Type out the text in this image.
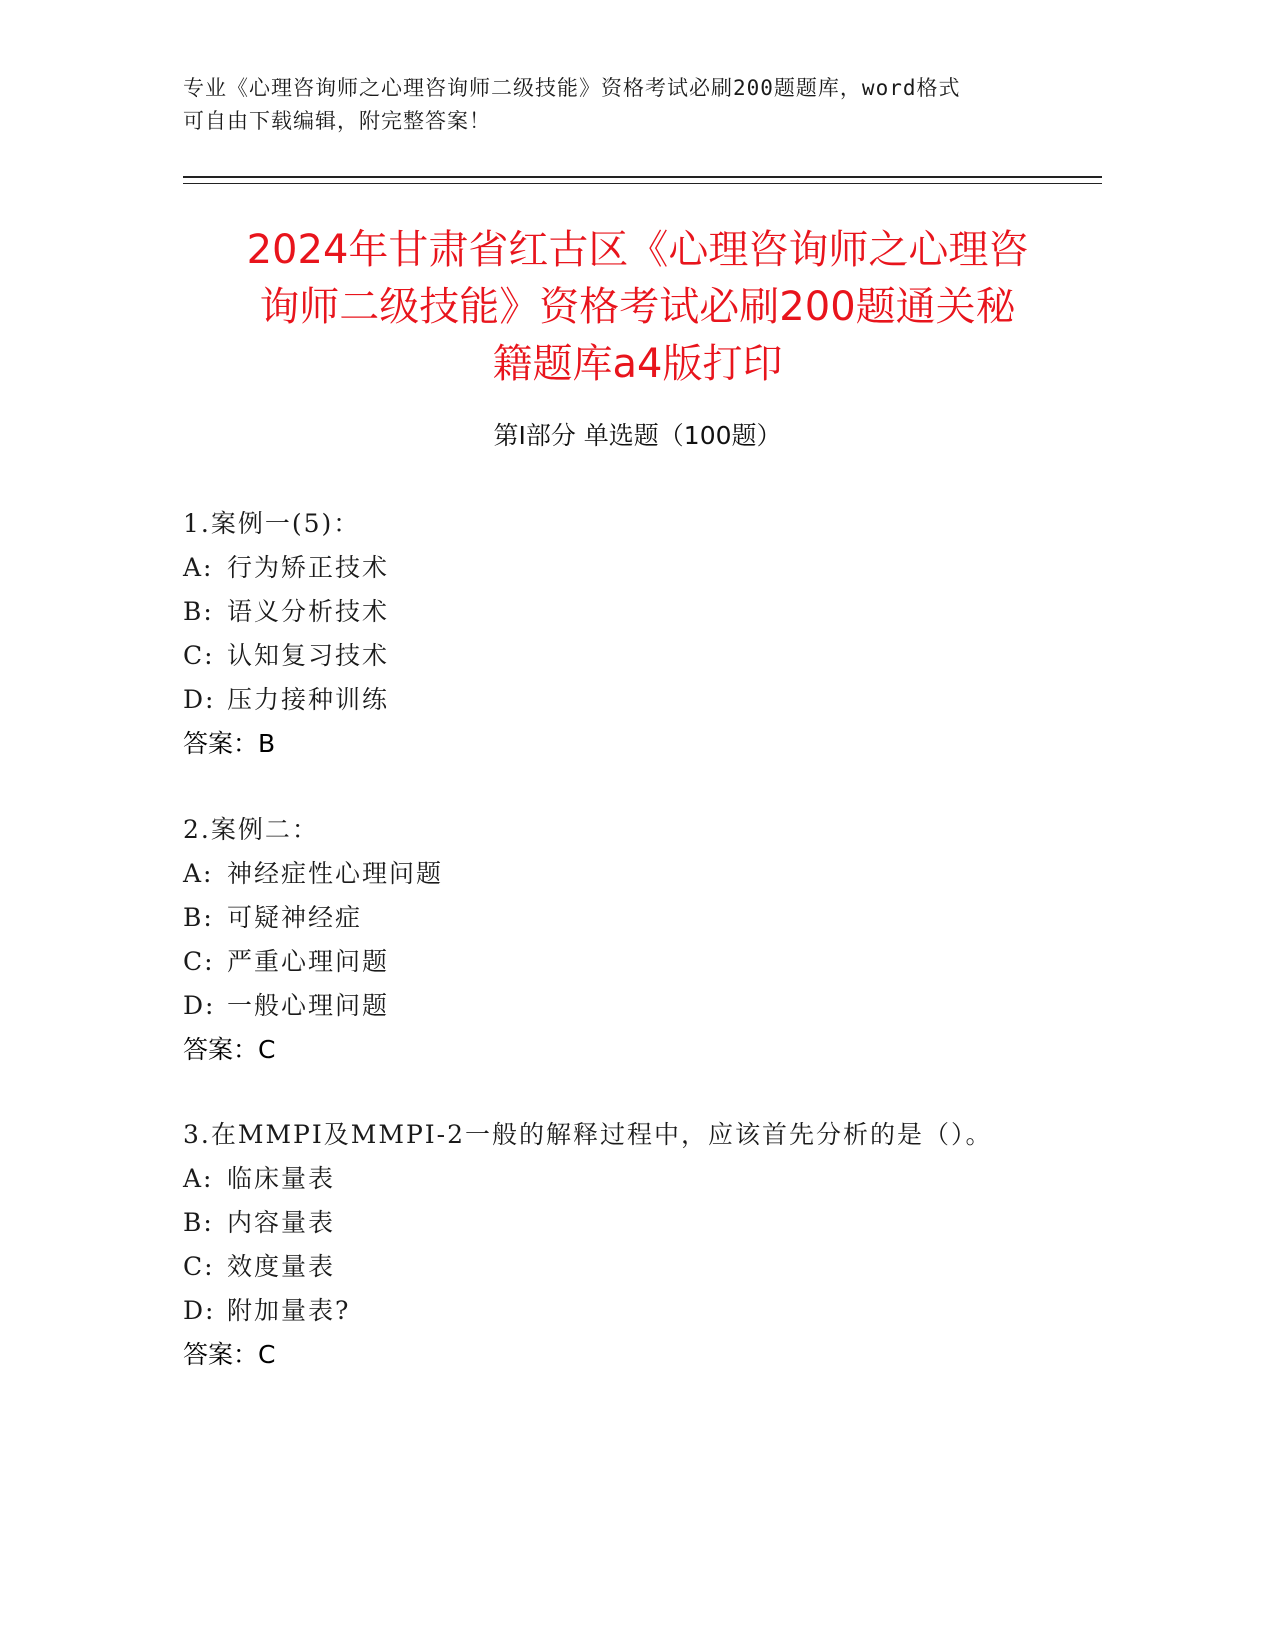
专业《心理咨询师之心理咨询师二级技能》资格考试必刷200题题库，word格式
可自由下载编辑，附完整答案！
2024年甘肃省红古区《心理咨询师之心理咨
询师二级技能》资格考试必刷200题通关秘
籍题库a4版打印
第Ⅰ部分 单选题（100题）
1.案例一(5)：
A: 行为矫正技术
B: 语义分析技术
C: 认知复习技术
D: 压力接种训练
答案：B
2.案例二：
A: 神经症性心理问题
B: 可疑神经症
C: 严重心理问题
D: 一般心理问题
答案：C
3.在MMPI及MMPI-2一般的解释过程中，应该首先分析的是（）。
A: 临床量表
B: 内容量表
C: 效度量表
D: 附加量表?
答案：C
